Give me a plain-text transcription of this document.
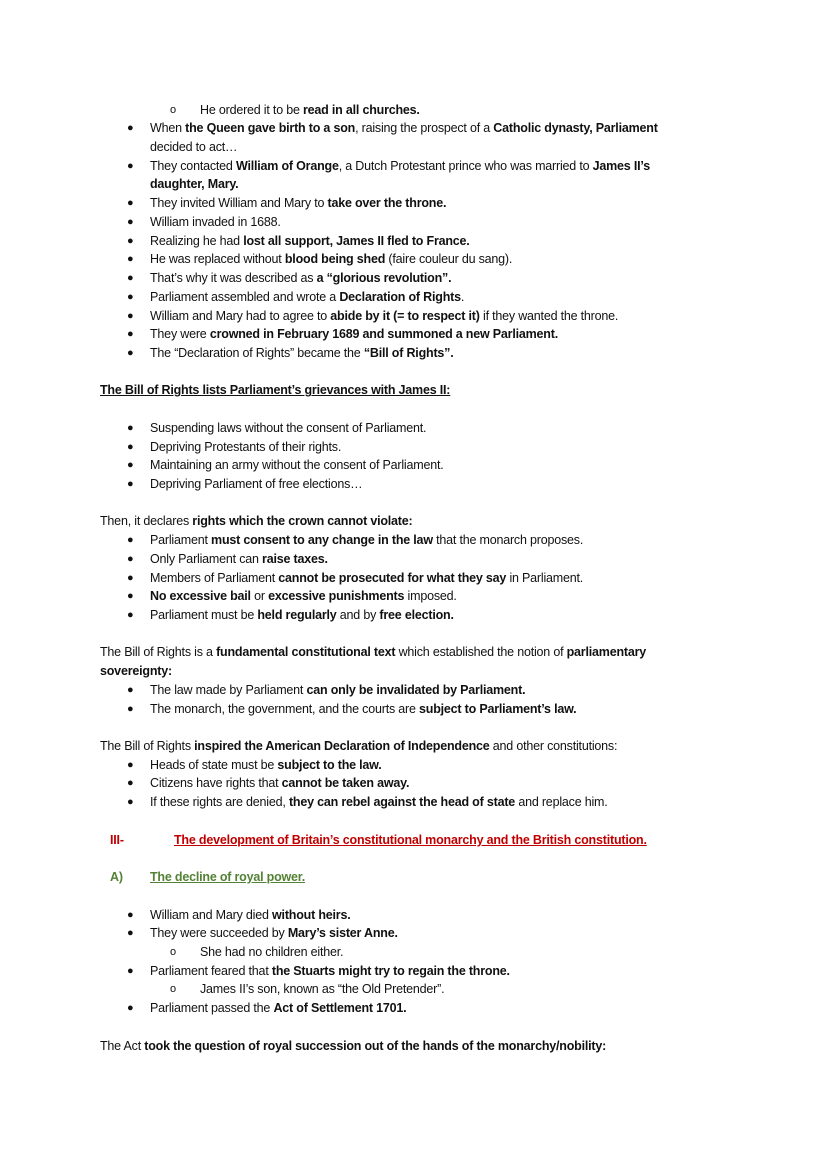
o He ordered it to be read in all churches.
● When the Queen gave birth to a son, raising the prospect of a Catholic dynasty, Parliament
decided to act…
● They contacted William of Orange, a Dutch Protestant prince who was married to James II’s
daughter, Mary.
● They invited William and Mary to take over the throne.
● William invaded in 1688.
● Realizing he had lost all support, James II fled to France.
● He was replaced without blood being shed (faire couleur du sang).
● That’s why it was described as a “glorious revolution”.
● Parliament assembled and wrote a Declaration of Rights.
● William and Mary had to agree to abide by it (= to respect it) if they wanted the throne.
● They were crowned in February 1689 and summoned a new Parliament.
● The “Declaration of Rights” became the “Bill of Rights”.
The Bill of Rights lists Parliament’s grievances with James II:
● Suspending laws without the consent of Parliament.
● Depriving Protestants of their rights.
● Maintaining an army without the consent of Parliament.
● Depriving Parliament of free elections…
Then, it declares rights which the crown cannot violate:
● Parliament must consent to any change in the law that the monarch proposes.
● Only Parliament can raise taxes.
● Members of Parliament cannot be prosecuted for what they say in Parliament.
● No excessive bail or excessive punishments imposed.
● Parliament must be held regularly and by free election.
The Bill of Rights is a fundamental constitutional text which established the notion of parliamentary
sovereignty:
● The law made by Parliament can only be invalidated by Parliament.
● The monarch, the government, and the courts are subject to Parliament’s law.
The Bill of Rights inspired the American Declaration of Independence and other constitutions:
● Heads of state must be subject to the law.
● Citizens have rights that cannot be taken away.
● If these rights are denied, they can rebel against the head of state and replace him.
III-	The development of Britain’s constitutional monarchy and the British constitution.
A) The decline of royal power.
● William and Mary died without heirs.
● They were succeeded by Mary’s sister Anne.
o She had no children either.
● Parliament feared that the Stuarts might try to regain the throne.
o James II’s son, known as “the Old Pretender”.
● Parliament passed the Act of Settlement 1701.
The Act took the question of royal succession out of the hands of the monarchy/nobility:
